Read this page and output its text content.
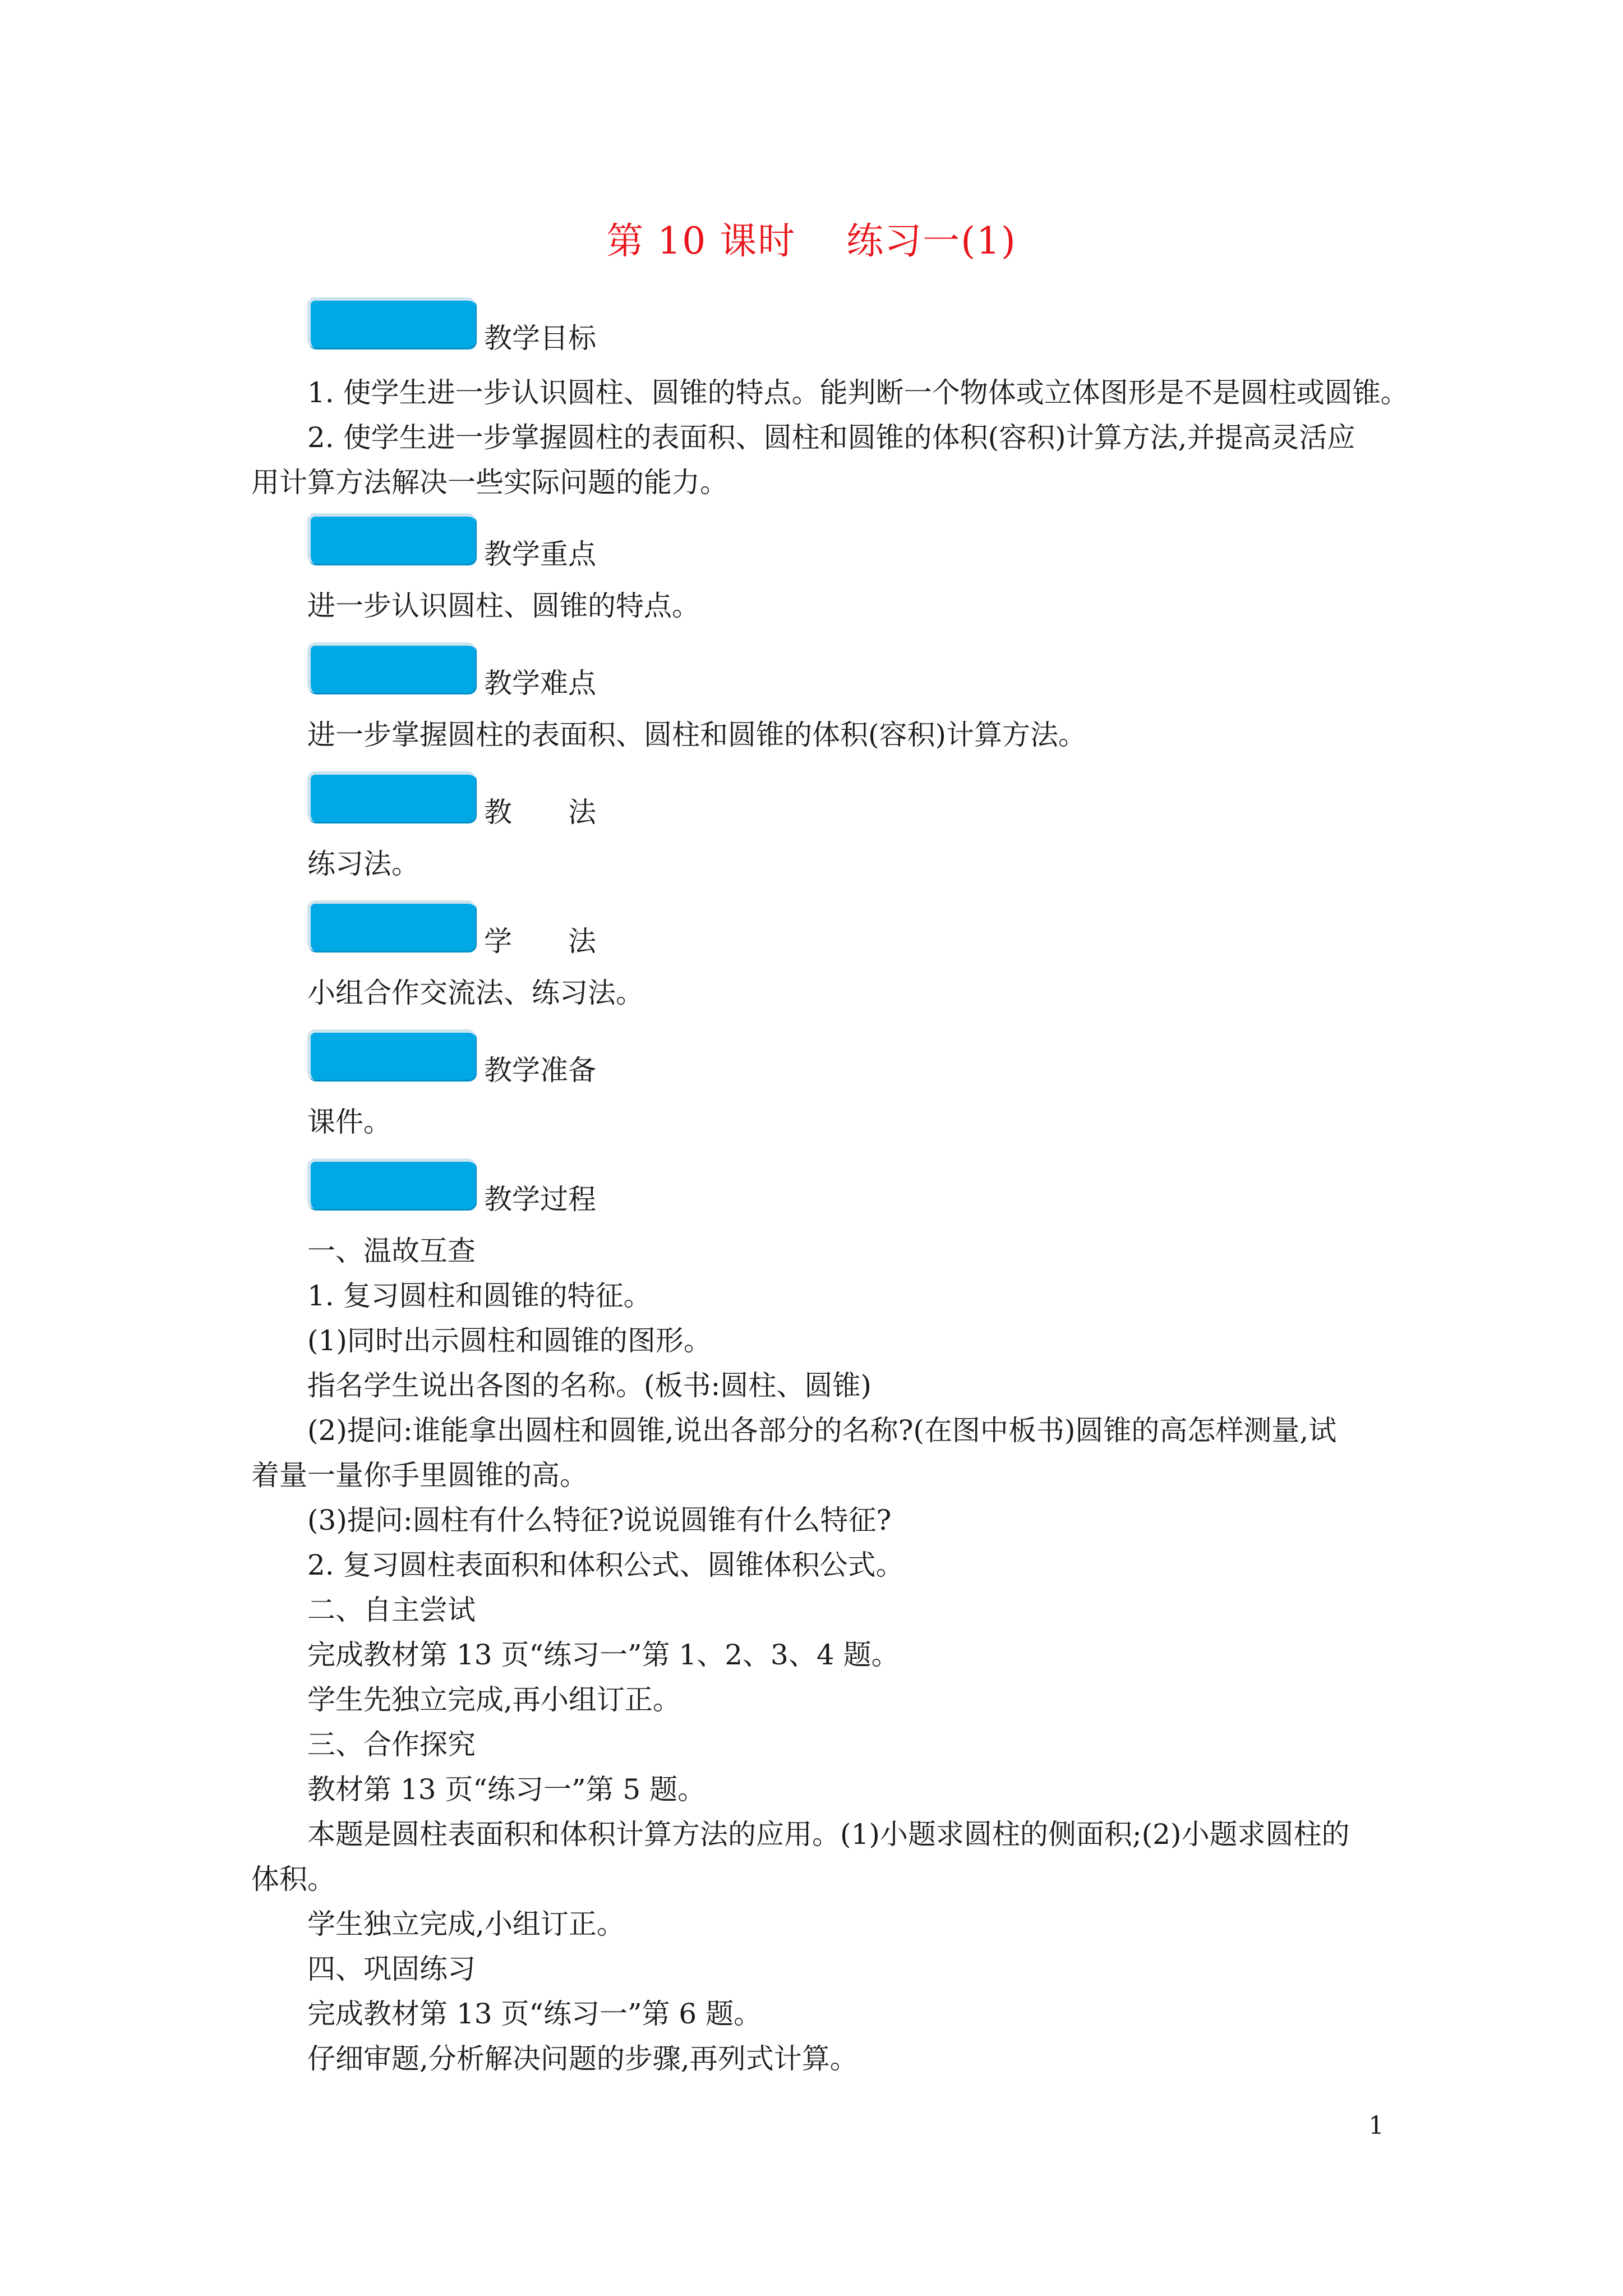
第 10 课时 练习一(1)
教学目标
1. 使学生进一步认识圆柱、圆锥的特点。能判断一个物体或立体图形是不是圆柱或圆锥。
2. 使学生进一步掌握圆柱的表面积、圆柱和圆锥的体积(容积)计算方法,并提高灵活应
用计算方法解决一些实际问题的能力。
教学重点
进一步认识圆柱、圆锥的特点。
教学难点
进一步掌握圆柱的表面积、圆柱和圆锥的体积(容积)计算方法。
教　　法
练习法。
学　　法
小组合作交流法、练习法。
教学准备
课件。
教学过程
一、温故互查
1. 复习圆柱和圆锥的特征。
(1)同时出示圆柱和圆锥的图形。
指名学生说出各图的名称。(板书:圆柱、圆锥)
(2)提问:谁能拿出圆柱和圆锥,说出各部分的名称?(在图中板书)圆锥的高怎样测量,试
着量一量你手里圆锥的高。
(3)提问:圆柱有什么特征?说说圆锥有什么特征?
2. 复习圆柱表面积和体积公式、圆锥体积公式。
二、自主尝试
完成教材第 13 页“练习一”第 1、2、3、4 题。
学生先独立完成,再小组订正。
三、合作探究
教材第 13 页“练习一”第 5 题。
本题是圆柱表面积和体积计算方法的应用。(1)小题求圆柱的侧面积;(2)小题求圆柱的
体积。
学生独立完成,小组订正。
四、巩固练习
完成教材第 13 页“练习一”第 6 题。
仔细审题,分析解决问题的步骤,再列式计算。
1
